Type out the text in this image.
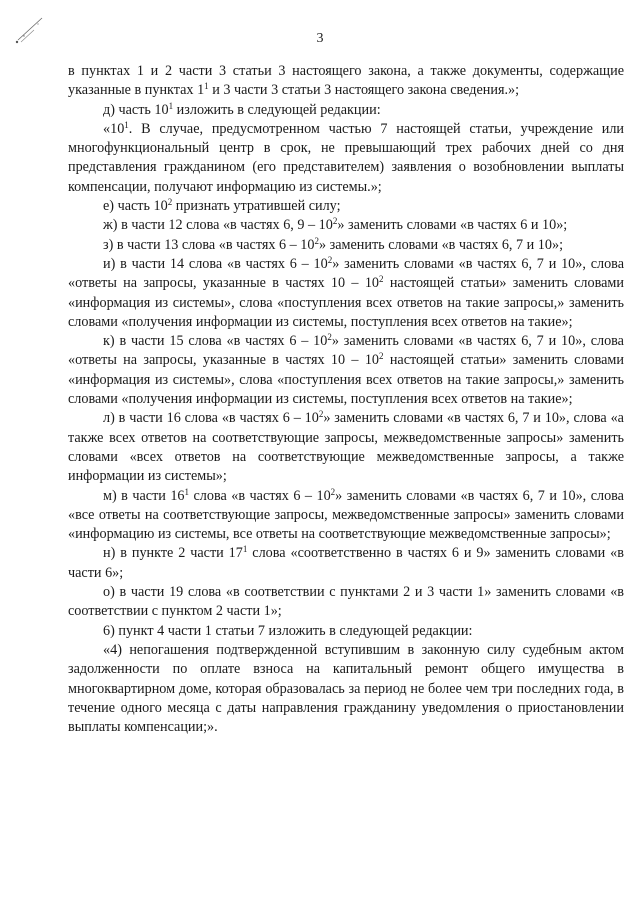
3

в пунктах 1 и 2 части 3 статьи 3 настоящего закона, а также документы, содержащие указанные в пунктах $1^1$ и 3 части 3 статьи 3 настоящего закона сведения.»;

д) часть $10^1$ изложить в следующей редакции:

«$10^1$. В случае, предусмотренном частью 7 настоящей статьи, учреждение или многофункциональный центр в срок, не превышающий трех рабочих дней со дня представления гражданином (его представителем) заявления о возобновлении выплаты компенсации, получают информацию из системы.»;

е) часть $10^2$ признать утратившей силу;

ж) в части 12 слова «в частях 6, $9 - 10^2$» заменить словами «в частях 6 и 10»;

з) в части 13 слова «в частях $6 - 10^2$» заменить словами «в частях 6, 7 и 10»;

и) в части 14 слова «в частях $6 - 10^2$» заменить словами «в частях 6, 7 и 10», слова «ответы на запросы, указанные в частях $10 - 10^2$ настоящей статьи» заменить словами «информация из системы», слова «поступления всех ответов на такие запросы,» заменить словами «получения информации из системы, поступления всех ответов на такие»;

к) в части 15 слова «в частях $6 - 10^2$» заменить словами «в частях 6, 7 и 10», слова «ответы на запросы, указанные в частях $10 - 10^2$ настоящей статьи» заменить словами «информация из системы», слова «поступления всех ответов на такие запросы,» заменить словами «получения информации из системы, поступления всех ответов на такие»;

л) в части 16 слова «в частях $6 - 10^2$» заменить словами «в частях 6, 7 и 10», слова «а также всех ответов на соответствующие запросы, межведомственные запросы» заменить словами «всех ответов на соответствующие межведомственные запросы, а также информации из системы»;

м) в части $16^1$ слова «в частях $6 - 10^2$» заменить словами «в частях 6, 7 и 10», слова «все ответы на соответствующие запросы, межведомственные запросы» заменить словами «информацию из системы, все ответы на соответствующие межведомственные запросы»;

н) в пункте 2 части $17^1$ слова «соответственно в частях 6 и 9» заменить словами «в части 6»;

о) в части 19 слова «в соответствии с пунктами 2 и 3 части 1» заменить словами «в соответствии с пунктом 2 части 1»;

6) пункт 4 части 1 статьи 7 изложить в следующей редакции:

«4) непогашения подтвержденной вступившим в законную силу судебным актом задолженности по оплате взноса на капитальный ремонт общего имущества в многоквартирном доме, которая образовалась за период не более чем три последних года, в течение одного месяца с даты направления гражданину уведомления о приостановлении выплаты компенсации;».
